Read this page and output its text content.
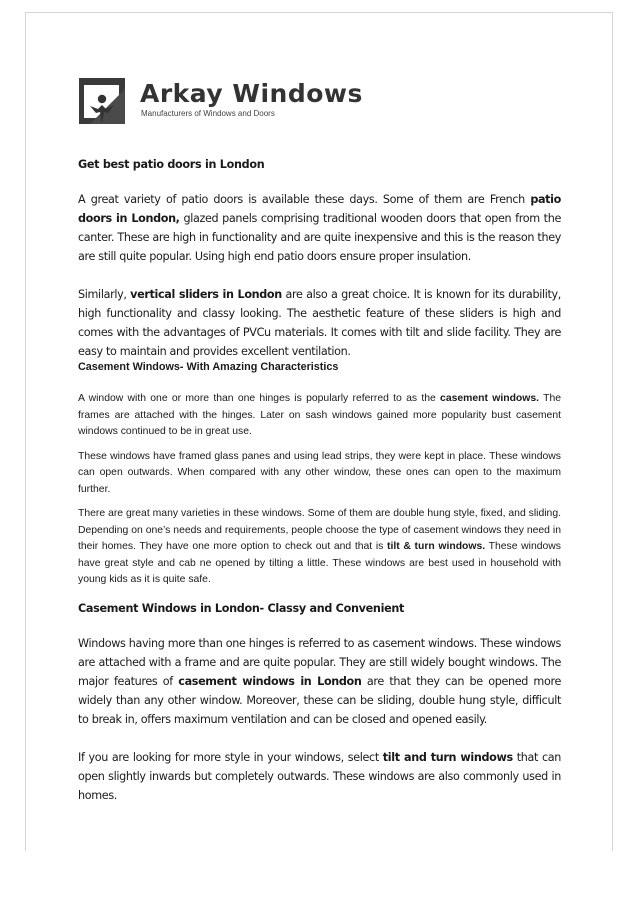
Arkay Windows
Manufacturers of Windows and Doors
Get best patio doors in London

A great variety of patio doors is available these days. Some of them are French patio doors in London, glazed panels comprising traditional wooden doors that open from the canter. These are high in functionality and are quite inexpensive and this is the reason they are still quite popular. Using high end patio doors ensure proper insulation.

Similarly, vertical sliders in London are also a great choice. It is known for its durability, high functionality and classy looking. The aesthetic feature of these sliders is high and comes with the advantages of PVCu materials. It comes with tilt and slide facility. They are easy to maintain and provides excellent ventilation.

Casement Windows- With Amazing Characteristics

A window with one or more than one hinges is popularly referred to as the casement windows. The frames are attached with the hinges. Later on sash windows gained more popularity bust casement windows continued to be in great use.

These windows have framed glass panes and using lead strips, they were kept in place. These windows can open outwards. When compared with any other window, these ones can open to the maximum further.

There are great many varieties in these windows. Some of them are double hung style, fixed, and sliding. Depending on one’s needs and requirements, people choose the type of casement windows they need in their homes. They have one more option to check out and that is tilt & turn windows. These windows have great style and cab ne opened by tilting a little. These windows are best used in household with young kids as it is quite safe.

Casement Windows in London- Classy and Convenient

Windows having more than one hinges is referred to as casement windows. These windows are attached with a frame and are quite popular. They are still widely bought windows. The major features of casement windows in London are that they can be opened more widely than any other window. Moreover, these can be sliding, double hung style, difficult to break in, offers maximum ventilation and can be closed and opened easily.

If you are looking for more style in your windows, select tilt and turn windows that can open slightly inwards but completely outwards. These windows are also commonly used in homes.
